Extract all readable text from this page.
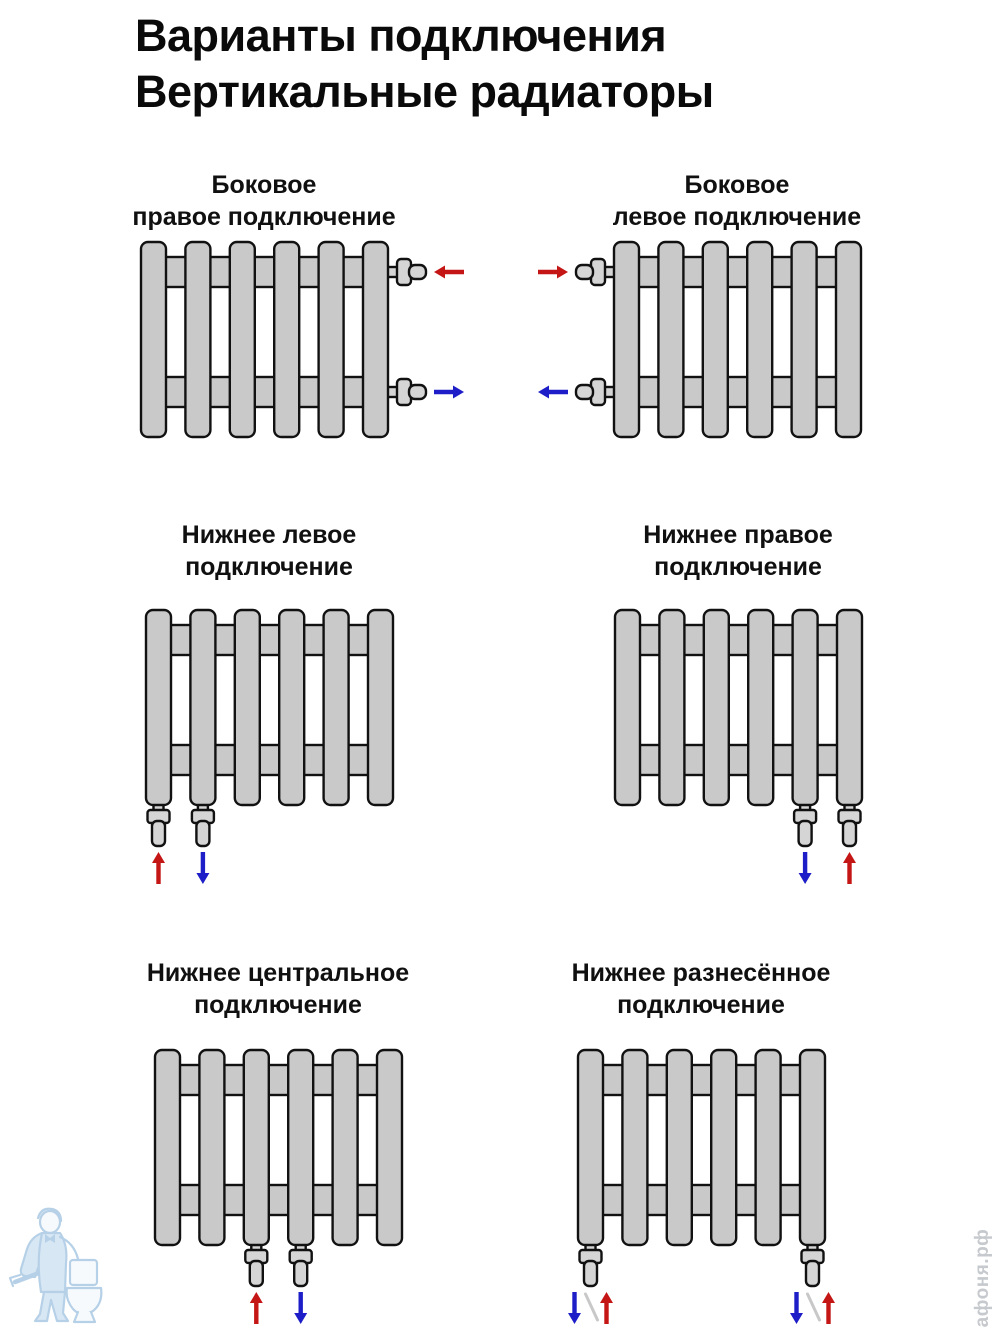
Варианты подключения
Вертикальные радиаторы
Боковое
правое подключение
Боковое
левое подключение
Нижнее левое
подключение
Нижнее правое
подключение
Нижнее центральное
подключение
Нижнее разнесённое
подключение
афоня.рф
